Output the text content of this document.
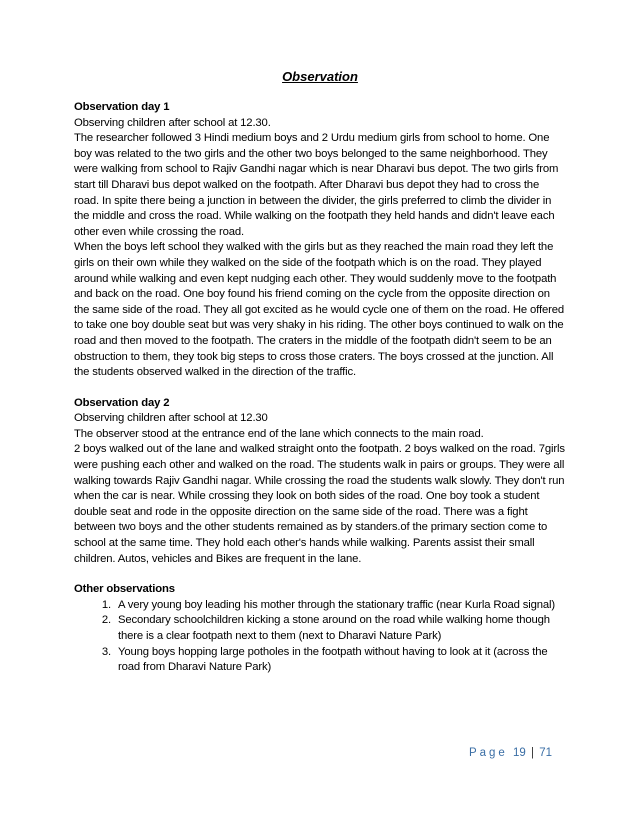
Observation
Observation day 1
Observing children after school at 12.30.

The researcher followed 3 Hindi medium boys and 2 Urdu medium girls from school to home. One boy was related to the two girls and the other two boys belonged to the same neighborhood. They were walking from school to Rajiv Gandhi nagar which is near Dharavi bus depot. The two girls from start till Dharavi bus depot walked on the footpath. After Dharavi bus depot they had to cross the road. In spite there being a junction in between the divider, the girls preferred to climb the divider in the middle and cross the road. While walking on the footpath they held hands and didn't leave each other even while crossing the road.

When the boys left school they walked with the girls but as they reached the main road they left the girls on their own while they walked on the side of the footpath which is on the road. They played around while walking and even kept nudging each other. They would suddenly move to the footpath and back on the road. One boy found his friend coming on the cycle from the opposite direction on the same side of the road. They all got excited as he would cycle one of them on the road. He offered to take one boy double seat but was very shaky in his riding. The other boys continued to walk on the road and then moved to the footpath. The craters in the middle of the footpath didn't seem to be an obstruction to them, they took big steps to cross those craters. The boys crossed at the junction. All the students observed walked in the direction of the traffic.

Observation day 2
Observing children after school at 12.30

The observer stood at the entrance end of the lane which connects to the main road.

2 boys walked out of the lane and walked straight onto the footpath. 2 boys walked on the road. 7girls were pushing each other and walked on the road. The students walk in pairs or groups. They were all walking towards Rajiv Gandhi nagar. While crossing the road the students walk slowly. They don't run when the car is near. While crossing they look on both sides of the road. One boy took a student double seat and rode in the opposite direction on the same side of the road. There was a fight between two boys and the other students remained as by standers.of the primary section come to school at the same time. They hold each other's hands while walking. Parents assist their small children. Autos, vehicles and Bikes are frequent in the lane.

Other observations
1. A very young boy leading his mother through the stationary traffic (near Kurla Road signal)
2. Secondary schoolchildren kicking a stone around on the road while walking home though there is a clear footpath next to them (next to Dharavi Nature Park)
3. Young boys hopping large potholes in the footpath without having to look at it (across the road from Dharavi Nature Park)
Page 19 | 71
